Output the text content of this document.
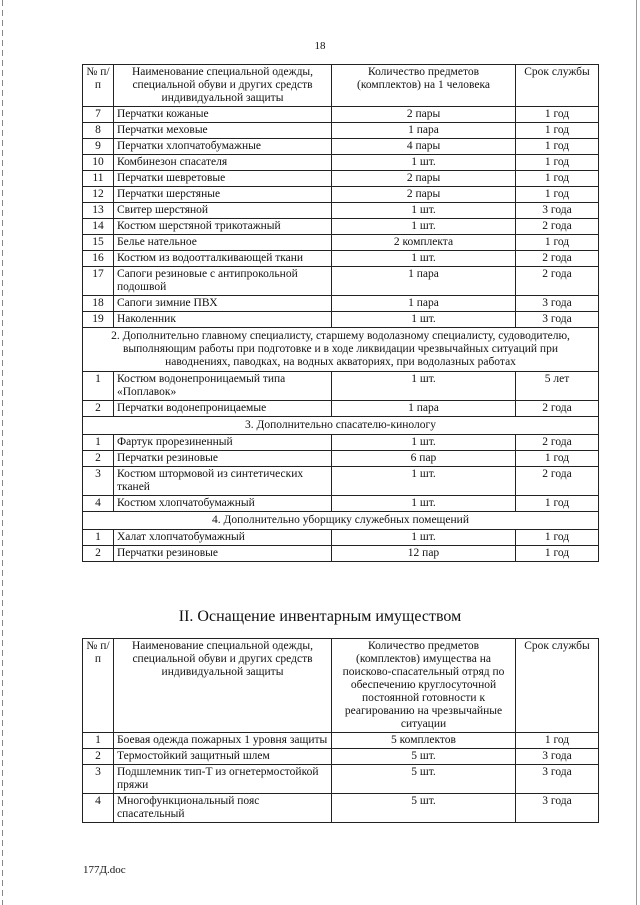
18
№ п/п	Наименование специальной одежды, специальной обуви и других средств индивидуальной защиты	Количество предметов (комплектов) на 1 человека	Срок службы
7	Перчатки кожаные	2 пары	1 год
8	Перчатки меховые	1 пара	1 год
9	Перчатки хлопчатобумажные	4 пары	1 год
10	Комбинезон спасателя	1 шт.	1 год
11	Перчатки шевретовые	2 пары	1 год
12	Перчатки шерстяные	2 пары	1 год
13	Свитер шерстяной	1 шт.	3 года
14	Костюм шерстяной трикотажный	1 шт.	2 года
15	Белье нательное	2 комплекта	1 год
16	Костюм из водоотталкивающей ткани	1 шт.	2 года
17	Сапоги резиновые с антипрокольной подошвой	1 пара	2 года
18	Сапоги зимние ПВХ	1 пара	3 года
19	Наколенник	1 шт.	3 года
2. Дополнительно главному специалисту, старшему водолазному специалисту, судоводителю, выполняющим работы при подготовке и в ходе ликвидации чрезвычайных ситуаций при наводнениях, паводках, на водных акваториях, при водолазных работах			
1	Костюм водонепроницаемый типа «Поплавок»	1 шт.	5 лет
2	Перчатки водонепроницаемые	1 пара	2 года
3. Дополнительно спасателю-кинологу			
1	Фартук прорезиненный	1 шт.	2 года
2	Перчатки резиновые	6 пар	1 год
3	Костюм штормовой из синтетических тканей	1 шт.	2 года
4	Костюм хлопчатобумажный	1 шт.	1 год
4. Дополнительно уборщику служебных помещений			
1	Халат хлопчатобумажный	1 шт.	1 год
2	Перчатки резиновые	12 пар	1 год
II. Оснащение инвентарным имуществом
№ п/п	Наименование специальной одежды, специальной обуви и других средств индивидуальной защиты	Количество предметов (комплектов) имущества на поисково-спасательный отряд по обеспечению круглосуточной постоянной готовности к реагированию на чрезвычайные ситуации	Срок службы
1	Боевая одежда пожарных 1 уровня защиты	5 комплектов	1 год
2	Термостойкий защитный шлем	5 шт.	3 года
3	Подшлемник тип-Т из огнетермостойкой пряжи	5 шт.	3 года
4	Многофункциональный пояс спасательный	5 шт.	3 года
177Д.doc
